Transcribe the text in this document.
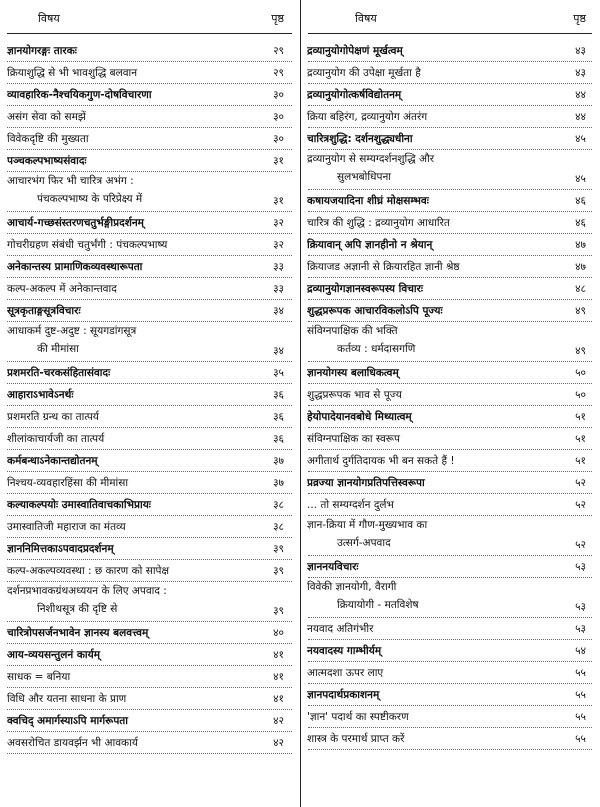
विषय	पृष्ठ
ज्ञानयोगरङ्गः तारकः	२९
क्रियाशुद्धि से भी भावशुद्धि बलवान	२९
व्यावहारिक-नैश्चयिकगुण-दोषविचारणा	३०
असंग सेवा को समझें	३०
विवेकदृष्टि की मुख्यता	३०
पञ्चकल्पभाष्यसंवादः	३१
आचारभंग फिर भी चारित्र अभंग :
पंचकल्पभाष्य के परिप्रेक्ष्य में	३१
आचार्य-गच्छसंस्तरणचतुर्भङ्गीप्रदर्शनम्	३२
गोचरीग्रहण संबंधी चतुर्भंगी : पंचकल्पभाष्य	३२
अनेकान्तस्य प्रामाणिकव्यवस्थारूपता	३३
कल्प-अकल्प में अनेकान्तवाद	३३
सूत्रकृताङ्गसूत्रविचारः	३४
आधाकर्म दुष्ट-अदुष्ट : सूयगडांगसूत्र
की मीमांसा	३४
प्रशमरति-चरकसंहितासंवादः	३५
आहाराऽभावेऽनर्थः	३६
प्रशमरति ग्रन्थ का तात्पर्य	३६
शीलांकाचार्यजी का तात्पर्य	३६
कर्मबन्धाऽनेकान्तद्योतनम्	३७
निश्चय-व्यवहारहिंसा की मीमांसा	३७
कल्याकल्पयोः उमास्वातिवाचकाभिप्रायः	३८
उमास्वातिजी महाराज का मंतव्य	३८
ज्ञाननिमित्तकाऽपवादप्रदर्शनम्	३९
कल्प-अकल्पव्यवस्था : छ कारण को सापेक्ष	३९
दर्शनप्रभावकग्रंथअध्ययन के लिए अपवाद :
निशीथसूत्र की दृष्टि से	३९
चारित्रोपसर्जनभावेन ज्ञानस्य बलवत्त्वम्	४०
आय-व्ययसन्तुलनं कार्यम्	४१
साधक = बनिया	४१
विधि और यतना साधना के प्राण	४१
क्वचिद् अमार्गस्याऽपि मार्गरूपता	४२
अवसरोचित डायवर्झन भी आवकार्य	४२
विषय	पृष्ठ
द्रव्यानुयोगोपेक्षणं मूर्खत्वम्	४३
द्रव्यानुयोग की उपेक्षा मूर्खता है	४३
द्रव्यानुयोगोत्कर्षविद्योतनम्	४४
क्रिया बहिरंग, द्रव्यानुयोग अंतरंग	४४
चारित्रशुद्धि: दर्शनशुद्ध्यधीना	४५
द्रव्यानुयोग से सम्यग्दर्शनशुद्धि और
सुलभबोधिपना	४५
कषायजयादिना शीघ्रं मोक्षसम्भवः	४६
चारित्र की शुद्धि : द्रव्यानुयोग आधारित	४६
क्रियावान् अपि ज्ञानहीनो न श्रेयान्	४७
क्रियाजड अज्ञानी से क्रियारहित ज्ञानी श्रेष्ठ	४७
द्रव्यानुयोगज्ञानस्वरूपस्य विचारः	४८
शुद्धप्ररूपक आचारविकलोऽपि पूज्यः	४९
संविग्नपाक्षिक की भक्ति
कर्तव्य : धर्मदासगणि	४९
ज्ञानयोगस्य बलाधिकत्वम्	५०
शुद्धप्ररूपक भाव से पूज्य	५०
हेयोपादेयानवबोधे मिथ्यात्वम्	५१
संविग्नपाक्षिक का स्वरूप	५१
अगीतार्थ दुर्गतिदायक भी बन सकते हैं !	५१
प्रव्रज्या ज्ञानयोगप्रतिपत्तिस्वरूपा	५२
... तो सम्यग्दर्शन दुर्लभ	५२
ज्ञान-क्रिया में गौण-मुख्यभाव का
उत्सर्ग-अपवाद	५२
ज्ञाननयविचारः	५३
विवेकी ज्ञानयोगी, वैरागी
क्रियायोगी - मतविशेष	५३
नयवाद अतिगंभीर	५३
नयवादस्य गाम्भीर्यम्	५४
आत्मदशा ऊपर लाए	५५
ज्ञानपदार्थप्रकाशनम्	५५
'ज्ञान' पदार्थ का स्पष्टीकरण	५५
शास्त्र के परमार्थ प्राप्त करें	५५
